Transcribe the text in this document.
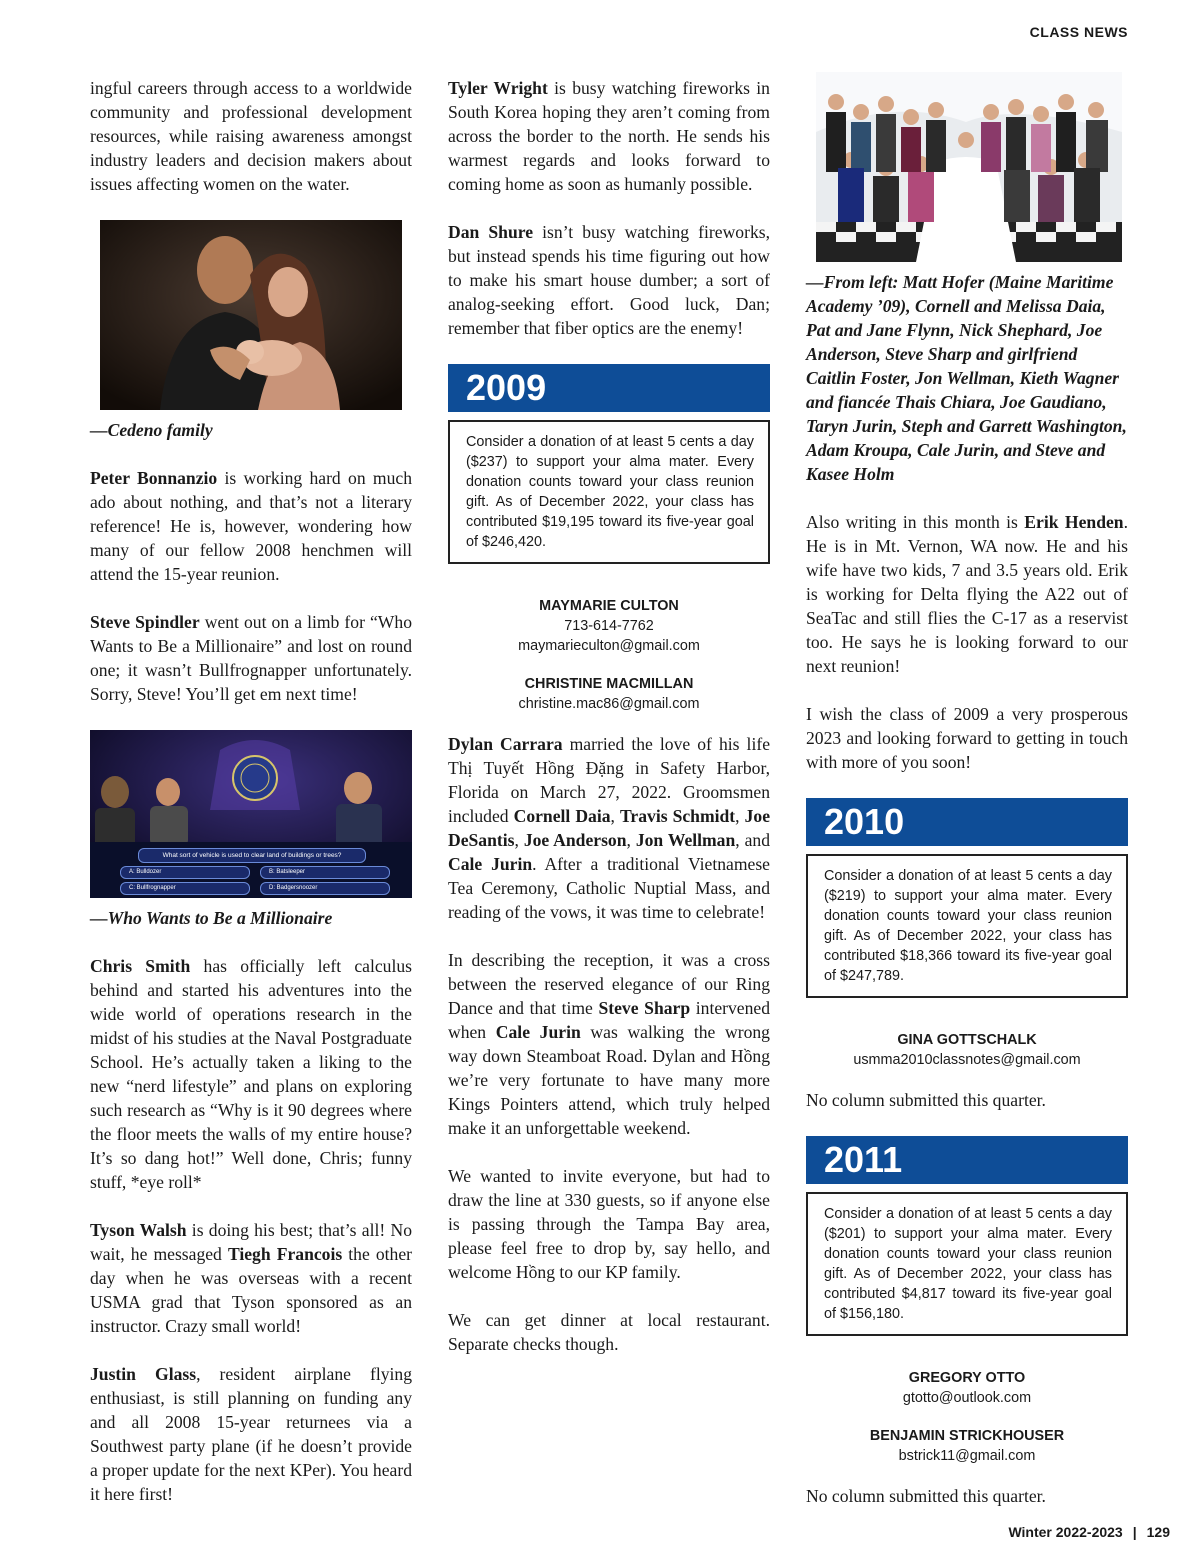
CLASS NEWS

ingful careers through access to a worldwide community and professional development resources, while raising awareness amongst industry leaders and decision makers about issues affecting women on the water.

—Cedeno family

Peter Bonnanzio is working hard on much ado about nothing, and that’s not a literary reference! He is, however, wondering how many of our fellow 2008 henchmen will attend the 15-year reunion.

Steve Spindler went out on a limb for “Who Wants to Be a Millionaire” and lost on round one; it wasn’t Bullfrognapper unfortunately. Sorry, Steve! You’ll get em next time!

What sort of vehicle is used to clear land of buildings or trees?
A: Bulldozer	B: Batsleeper
C: Bullfrognapper	D: Badgersnoozer
—Who Wants to Be a Millionaire

Chris Smith has officially left calculus behind and started his adventures into the wide world of operations research in the midst of his studies at the Naval Postgraduate School. He’s actually taken a liking to the new “nerd lifestyle” and plans on exploring such research as “Why is it 90 degrees where the floor meets the walls of my entire house? It’s so dang hot!” Well done, Chris; funny stuff, *eye roll*

Tyson Walsh is doing his best; that’s all! No wait, he messaged Tiegh Francois the other day when he was overseas with a recent USMA grad that Tyson sponsored as an instructor. Crazy small world!

Justin Glass, resident airplane flying enthusiast, is still planning on funding any and all 2008 15-year returnees via a Southwest party plane (if he doesn’t provide a proper update for the next KPer). You heard it here first!

Tyler Wright is busy watching fireworks in South Korea hoping they aren’t coming from across the border to the north. He sends his warmest regards and looks forward to coming home as soon as humanly possible.

Dan Shure isn’t busy watching fireworks, but instead spends his time figuring out how to make his smart house dumber; a sort of analog-seeking effort. Good luck, Dan; remember that fiber optics are the enemy!

2009
Consider a donation of at least 5 cents a day ($237) to support your alma mater. Every donation counts toward your class reunion gift. As of December 2022, your class has contributed $19,195 toward its five-year goal of $246,420.
MAYMARIE CULTON
713-614-7762
maymarieculton@gmail.com
CHRISTINE MACMILLAN
christine.mac86@gmail.com

Dylan Carrara married the love of his life Thị Tuyết Hồng Đặng in Safety Harbor, Florida on March 27, 2022. Groomsmen included Cornell Daia, Travis Schmidt, Joe DeSantis, Joe Anderson, Jon Wellman, and Cale Jurin. After a traditional Vietnamese Tea Ceremony, Catholic Nuptial Mass, and reading of the vows, it was time to celebrate!

In describing the reception, it was a cross between the reserved elegance of our Ring Dance and that time Steve Sharp intervened when Cale Jurin was walking the wrong way down Steamboat Road. Dylan and Hồng we’re very fortunate to have many more Kings Pointers attend, which truly helped make it an unforgettable weekend.

We wanted to invite everyone, but had to draw the line at 330 guests, so if anyone else is passing through the Tampa Bay area, please feel free to drop by, say hello, and welcome Hồng to our KP family.

We can get dinner at local restaurant. Separate checks though.

—From left: Matt Hofer (Maine Maritime Academy ’09), Cornell and Melissa Daia, Pat and Jane Flynn, Nick Shephard, Joe Anderson, Steve Sharp and girlfriend Caitlin Foster, Jon Wellman, Kieth Wagner and fiancée Thais Chiara, Joe Gaudiano, Taryn Jurin, Steph and Garrett Washington, Adam Kroupa, Cale Jurin, and Steve and Kasee Holm

Also writing in this month is Erik Henden. He is in Mt. Vernon, WA now. He and his wife have two kids, 7 and 3.5 years old. Erik is working for Delta flying the A22 out of SeaTac and still flies the C-17 as a reservist too. He says he is looking forward to our next reunion!

I wish the class of 2009 a very prosperous 2023 and looking forward to getting in touch with more of you soon!

2010
Consider a donation of at least 5 cents a day ($219) to support your alma mater. Every donation counts toward your class reunion gift. As of December 2022, your class has contributed $18,366 toward its five-year goal of $247,789.
GINA GOTTSCHALK
usmma2010classnotes@gmail.com

No column submitted this quarter.

2011
Consider a donation of at least 5 cents a day ($201) to support your alma mater. Every donation counts toward your class reunion gift. As of December 2022, your class has contributed $4,817 toward its five-year goal of $156,180.
GREGORY OTTO
gtotto@outlook.com
BENJAMIN STRICKHOUSER
bstrick11@gmail.com

No column submitted this quarter.

Winter 2022-2023 | 129
